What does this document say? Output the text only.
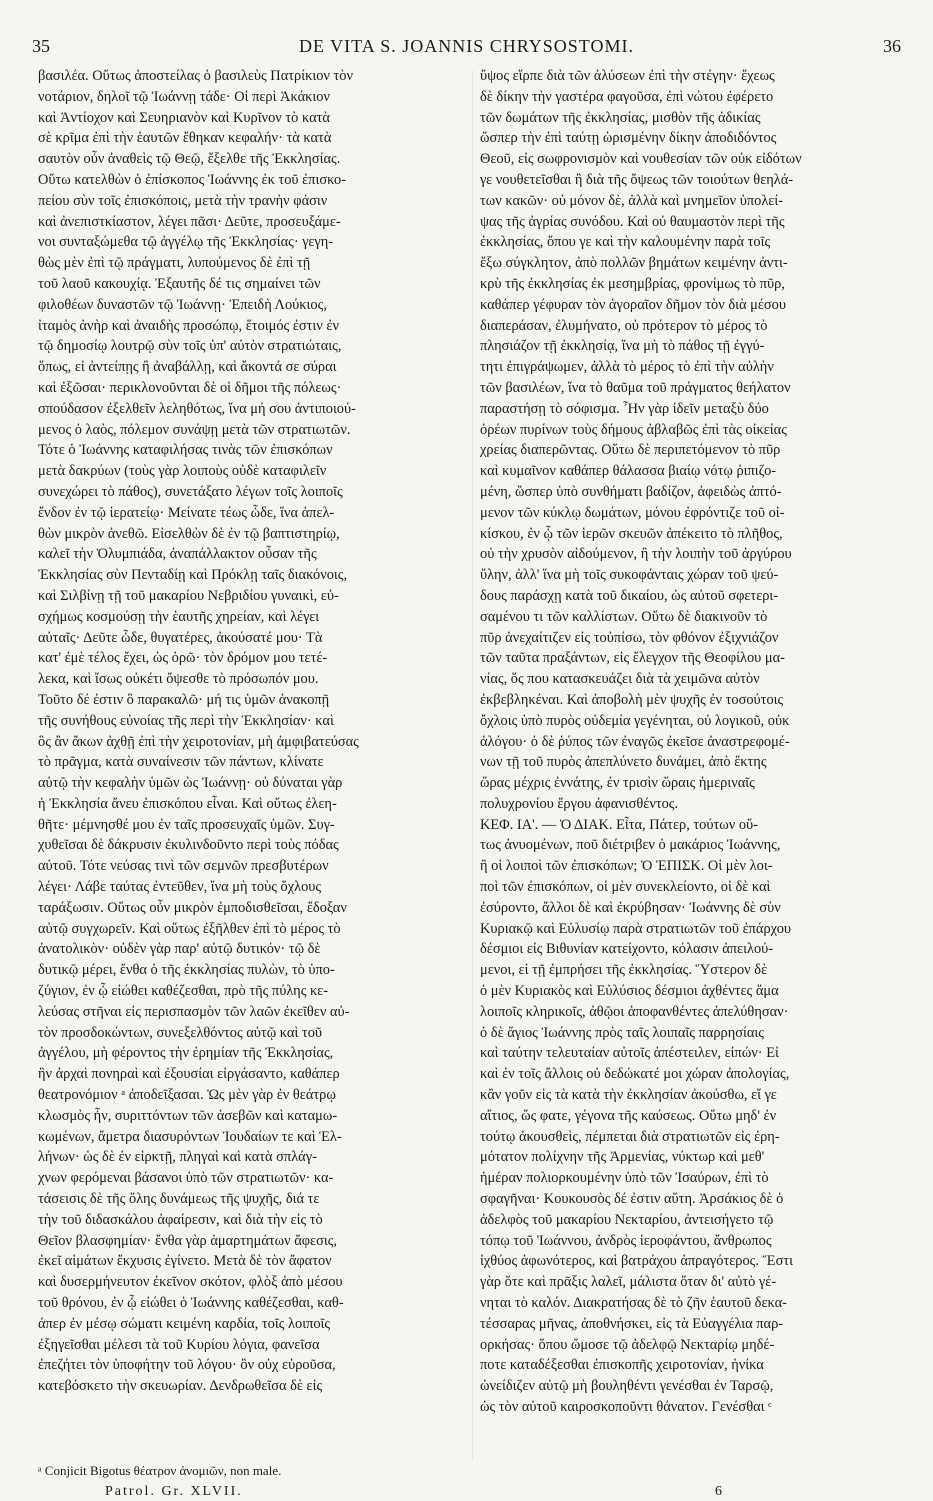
35	DE VITA S. JOANNIS CHRYSOSTOMI.	36
βασιλέα. Οὕτως ἀποστείλας ὁ βασιλεὺς Πατρίκιον τὸν
νοτάριον, δηλοῖ τῷ Ἰωάννῃ τάδε· Οἱ περὶ Ἀκάκιον
καὶ Ἀντίοχον καὶ Σευηριανὸν καὶ Κυρῖνον τὸ κατὰ
σὲ κρῖμα ἐπὶ τὴν ἑαυτῶν ἔθηκαν κεφαλήν· τὰ κατὰ
σαυτὸν οὖν ἀναθεὶς τῷ Θεῷ, ἔξελθε τῆς Ἐκκλησίας.
Οὕτω κατελθὼν ὁ ἐπίσκοπος Ἰωάννης ἐκ τοῦ ἐπισκο-
πείου σὺν τοῖς ἐπισκόποις, μετὰ τὴν τρανὴν φάσιν
καὶ ἀνεπιστκίαστον, λέγει πᾶσι· Δεῦτε, προσευξάμε-
νοι συνταξώμεθα τῷ ἀγγέλῳ τῆς Ἐκκλησίας· γεγη-
θὼς μὲν ἐπὶ τῷ πράγματι, λυπούμενος δὲ ἐπὶ τῇ
τοῦ λαοῦ κακουχίᾳ. Ἐξαυτῆς δέ τις σημαίνει τῶν
φιλοθέων δυναστῶν τῷ Ἰωάννῃ· Ἐπειδὴ Λούκιος,
ἰταμὸς ἀνὴρ καὶ ἀναιδὴς προσώπῳ, ἕτοιμός ἐστιν ἐν
τῷ δημοσίῳ λουτρῷ σὺν τοῖς ὑπ' αὐτὸν στρατιώταις,
ὅπως, εἰ ἀντείπῃς ἢ ἀναβάλλῃ, καὶ ἄκοντά σε σύραι
καὶ ἐξῶσαι· περικλονοῦνται δὲ οἱ δῆμοι τῆς πόλεως·
σπούδασον ἐξελθεῖν λεληθότως, ἵνα μή σου ἀντιποιού-
μενος ὁ λαὸς, πόλεμον συνάψῃ μετὰ τῶν στρατιωτῶν.
Τότε ὁ Ἰωάννης καταφιλήσας τινὰς τῶν ἐπισκόπων
μετὰ δακρύων (τοὺς γὰρ λοιποὺς οὐδὲ καταφιλεῖν
συνεχώρει τὸ πάθος), συνετάξατο λέγων τοῖς λοιποῖς
ἔνδον ἐν τῷ ἱερατείῳ· Μείνατε τέως ὧδε, ἵνα ἀπελ-
θὼν μικρὸν ἀνεθῶ. Εἰσελθὼν δὲ ἐν τῷ βαπτιστηρίῳ,
καλεῖ τὴν Ὀλυμπιάδα, ἀναπάλλακτον οὖσαν τῆς
Ἐκκλησίας σὺν Πενταδίῃ καὶ Πρόκλῃ ταῖς διακόνοις,
καὶ Σιλβίνῃ τῇ τοῦ μακαρίου Νεβριδίου γυναικὶ, εὐ-
σχήμως κοσμούσῃ τὴν ἑαυτῆς χηρείαν, καὶ λέγει
αὐταῖς· Δεῦτε ὧδε, θυγατέρες, ἀκούσατέ μου· Τὰ
κατ' ἐμὲ τέλος ἔχει, ὡς ὁρῶ· τὸν δρόμον μου τετέ-
λεκα, καὶ ἴσως οὐκέτι ὄψεσθε τὸ πρόσωπόν μου.
Τοῦτο δέ ἐστιν ὃ παρακαλῶ· μή τις ὑμῶν ἀνακοπῇ
τῆς συνήθους εὐνοίας τῆς περὶ τὴν Ἐκκλησίαν· καὶ
ὃς ἂν ἄκων ἀχθῇ ἐπὶ τὴν χειροτονίαν, μὴ ἀμφιβατεύσας
τὸ πρᾶγμα, κατὰ συναίνεσιν τῶν πάντων, κλίνατε
αὐτῷ τὴν κεφαλὴν ὑμῶν ὡς Ἰωάννῃ· οὐ δύναται γὰρ
ἡ Ἐκκλησία ἄνευ ἐπισκόπου εἶναι. Καὶ οὕτως ἐλεη-
θῆτε· μέμνησθέ μου ἐν ταῖς προσευχαῖς ὑμῶν. Συγ-
χυθεῖσαι δὲ δάκρυσιν ἐκυλινδοῦντο περὶ τοὺς πόδας
αὐτοῦ. Τότε νεύσας τινὶ τῶν σεμνῶν πρεσβυτέρων
λέγει· Λάβε ταύτας ἐντεῦθεν, ἵνα μὴ τοὺς ὄχλους
ταράξωσιν. Οὕτως οὖν μικρὸν ἐμποδισθεῖσαι, ἔδοξαν
αὐτῷ συγχωρεῖν. Καὶ οὕτως ἐξῆλθεν ἐπὶ τὸ μέρος τὸ
ἀνατολικὸν· οὐδὲν γὰρ παρ' αὐτῷ δυτικόν· τῷ δὲ
δυτικῷ μέρει, ἔνθα ὁ τῆς ἐκκλησίας πυλὼν, τὸ ὑπο-
ζύγιον, ἐν ᾧ εἰώθει καθέζεσθαι, πρὸ τῆς πύλης κε-
λεύσας στῆναι εἰς περισπασμὸν τῶν λαῶν ἐκεῖθεν αὐ-
τὸν προσδοκώντων, συνεξελθόντος αὐτῷ καὶ τοῦ
ἀγγέλου, μὴ φέροντος τὴν ἐρημίαν τῆς Ἐκκλησίας,
ἣν ἀρχαὶ πονηραὶ καὶ ἐξουσίαι εἰργάσαντο, καθάπερ
θεατρονόμιον ᵃ ἀποδεῖξασαι. Ὡς μὲν γὰρ ἐν θεάτρῳ
κλωσμὸς ἦν, συριττόντων τῶν ἀσεβῶν καὶ καταμω-
κωμένων, ἄμετρα διασυρόντων Ἰουδαίων τε καὶ Ἑλ-
λήνων· ὡς δὲ ἐν εἱρκτῇ, πληγαὶ καὶ κατὰ σπλάγ-
χνων φερόμεναι βάσανοι ὑπὸ τῶν στρατιωτῶν· κα-
τάσεισις δὲ τῆς ὅλης δυνάμεως τῆς ψυχῆς, διά τε
τὴν τοῦ διδασκάλου ἀφαίρεσιν, καὶ διὰ τὴν εἰς τὸ
Θεῖον βλασφημίαν· ἔνθα γὰρ ἁμαρτημάτων ἄφεσις,
ἐκεῖ αἱμάτων ἔκχυσις ἐγίνετο. Μετὰ δὲ τὸν ἄφατον
καὶ δυσερμήνευτον ἐκεῖνον σκότον, φλὸξ ἀπὸ μέσου
τοῦ θρόνου, ἐν ᾧ εἰώθει ὁ Ἰωάννης καθέζεσθαι, καθ-
άπερ ἐν μέσῳ σώματι κειμένη καρδία, τοῖς λοιποῖς
ἐξηγεῖσθαι μέλεσι τὰ τοῦ Κυρίου λόγια, φανεῖσα
ἐπεζήτει τὸν ὑποφήτην τοῦ λόγου· ὃν οὐχ εὑροῦσα,
κατεβόσκετο τὴν σκευωρίαν. Δενδρωθεῖσα δὲ εἰς
ὕψος εἵρπε διὰ τῶν ἀλύσεων ἐπὶ τὴν στέγην· ἔχεως
δὲ δίκην τὴν γαστέρα φαγοῦσα, ἐπὶ νώτου ἐφέρετο
τῶν δωμάτων τῆς ἐκκλησίας, μισθὸν τῆς ἀδικίας
ὥσπερ τὴν ἐπὶ ταύτῃ ὡρισμένην δίκην ἀποδιδόντος
Θεοῦ, εἰς σωφρονισμὸν καὶ νουθεσίαν τῶν οὐκ εἰδότων
γε νουθετεῖσθαι ἢ διὰ τῆς ὄψεως τῶν τοιούτων θεηλά-
των κακῶν· οὐ μόνον δὲ, ἀλλὰ καὶ μνημεῖον ὑπολεί-
ψας τῆς ἀγρίας συνόδου. Καὶ οὐ θαυμαστὸν περὶ τῆς
ἐκκλησίας, ὅπου γε καὶ τὴν καλουμένην παρὰ τοῖς
ἔξω σύγκλητον, ἀπὸ πολλῶν βημάτων κειμένην ἀντι-
κρὺ τῆς ἐκκλησίας ἐκ μεσημβρίας, φρονίμως τὸ πῦρ,
καθάπερ γέφυραν τὸν ἀγοραῖον δῆμον τὸν διὰ μέσου
διαπεράσαν, ἐλυμήνατο, οὐ πρότερον τὸ μέρος τὸ
πλησιάζον τῇ ἐκκλησίᾳ, ἵνα μὴ τὸ πάθος τῇ ἐγγύ-
τητι ἐπιγράψωμεν, ἀλλὰ τὸ μέρος τὸ ἐπὶ τὴν αὐλὴν
τῶν βασιλέων, ἵνα τὸ θαῦμα τοῦ πράγματος θεήλατον
παραστήσῃ τὸ σόφισμα. Ἦν γὰρ ἰδεῖν μεταξὺ δύο
ὀρέων πυρίνων τοὺς δήμους ἀβλαβῶς ἐπὶ τὰς οἰκείας
χρείας διαπερῶντας. Οὕτω δὲ περιπετόμενον τὸ πῦρ
καὶ κυμαῖνον καθάπερ θάλασσα βιαίῳ νότῳ ῥιπιζο-
μένη, ὥσπερ ὑπὸ συνθήματι βαδίζον, ἀφειδὼς ἀπτό-
μενον τῶν κύκλῳ δωμάτων, μόνου ἐφρόντιζε τοῦ οἰ-
κίσκου, ἐν ᾧ τῶν ἱερῶν σκευῶν ἀπέκειτο τὸ πλῆθος,
οὐ τὴν χρυσὸν αἰδούμενον, ἢ τὴν λοιπὴν τοῦ ἀργύρου
ὕλην, ἀλλ' ἵνα μὴ τοῖς συκοφάνταις χώραν τοῦ ψεύ-
δους παράσχῃ κατὰ τοῦ δικαίου, ὡς αὐτοῦ σφετερι-
σαμένου τι τῶν καλλίστων. Οὕτω δὲ διακινοῦν τὸ
πῦρ ἀνεχαίτιζεν εἰς τοὐπίσω, τὸν φθόνον ἐξιχνιάζον
τῶν ταῦτα πραξάντων, εἰς ἔλεγχον τῆς Θεοφίλου μα-
νίας, ὅς που κατασκευάζει διὰ τὰ χειμῶνα αὐτὸν
ἐκβεβληκέναι. Καὶ ἀποβολὴ μὲν ψυχῆς ἐν τοσούτοις
ὄχλοις ὑπὸ πυρὸς οὐδεμία γεγένηται, οὐ λογικοῦ, οὐκ
ἀλόγου· ὁ δὲ ῥύπος τῶν ἐναγῶς ἐκεῖσε ἀναστρεφομέ-
νων τῇ τοῦ πυρὸς ἀπεπλύνετο δυνάμει, ἀπὸ ἕκτης
ὥρας μέχρις ἐννάτης, ἐν τρισὶν ὥραις ἡμεριναῖς
πολυχρονίου ἔργου ἀφανισθέντος.
ΚΕΦ. ΙΑ'. — Ὁ ΔΙΑΚ. Εἶτα, Πάτερ, τούτων οὕ-
τως ἀνυομένων, ποῦ διέτριβεν ὁ μακάριος Ἰωάννης,
ἢ οἱ λοιποὶ τῶν ἐπισκόπων; Ὁ ἘΠΙΣΚ. Οἱ μὲν λοι-
ποὶ τῶν ἐπισκόπων, οἱ μὲν συνεκλείοντο, οἱ δὲ καὶ
ἐσύροντο, ἄλλοι δὲ καὶ ἐκρύβησαν· Ἰωάννης δὲ σὺν
Κυριακῷ καὶ Εὐλυσίῳ παρὰ στρατιωτῶν τοῦ ἐπάρχου
δέσμιοι εἰς Βιθυνίαν κατείχοντο, κόλασιν ἀπειλού-
μενοι, εἰ τῇ ἐμπρήσει τῆς ἐκκλησίας. Ὕστερον δὲ
ὁ μὲν Κυριακὸς καὶ Εὐλύσιος δέσμιοι ἀχθέντες ἅμα
λοιποῖς κληρικοῖς, ἀθῷοι ἀποφανθέντες ἀπελύθησαν·
ὁ δὲ ἅγιος Ἰωάννης πρὸς ταῖς λοιπαῖς παρρησίαις
καὶ ταύτην τελευταίαν αὐτοῖς ἀπέστειλεν, εἰπών· Εἰ
καὶ ἐν τοῖς ἄλλοις οὐ δεδώκατέ μοι χώραν ἀπολογίας,
κἂν γοῦν εἰς τὰ κατὰ τὴν ἐκκλησίαν ἀκούσθω, εἴ γε
αἴτιος, ὥς φατε, γέγονα τῆς καύσεως. Οὕτω μηδ' ἐν
τούτῳ ἀκουσθεὶς, πέμπεται διὰ στρατιωτῶν εἰς ἐρη-
μότατον πολίχνην τῆς Ἀρμενίας, νύκτωρ καὶ μεθ'
ἡμέραν πολιορκουμένην ὑπὸ τῶν Ἰσαύρων, ἐπὶ τὸ
σφαγῆναι· Κουκουσὸς δέ ἐστιν αὕτη. Ἀρσάκιος δὲ ὁ
ἀδελφὸς τοῦ μακαρίου Νεκταρίου, ἀντεισήγετο τῷ
τόπῳ τοῦ Ἰωάννου, ἀνδρὸς ἱεροφάντου, ἄνθρωπος
ἰχθύος ἀφωνότερος, καὶ βατράχου ἀπραγότερος. Ἔστι
γὰρ ὅτε καὶ πρᾶξις λαλεῖ, μάλιστα ὅταν δι' αὐτὸ γέ-
νηται τὸ καλόν. Διακρατήσας δὲ τὸ ζῆν ἑαυτοῦ δεκα-
τέσσαρας μῆνας, ἀποθνήσκει, εἰς τὰ Εὐαγγέλια παρ-
ορκήσας· ὅπου ὤμοσε τῷ ἀδελφῷ Νεκταρίῳ μηδέ-
ποτε καταδέξεσθαι ἐπισκοπῆς χειροτονίαν, ἡνίκα
ὠνείδιζεν αὐτῷ μὴ βουληθέντι γενέσθαι ἐν Ταρσῷ,
ὡς τὸν αὐτοῦ καιροσκοποῦντι θάνατον. Γενέσθαι ᶜ
ᵃ Conjicit Bigotus θέατρον ἀνομιῶν, non male.
Patrol. Gr. XLVII.	6
